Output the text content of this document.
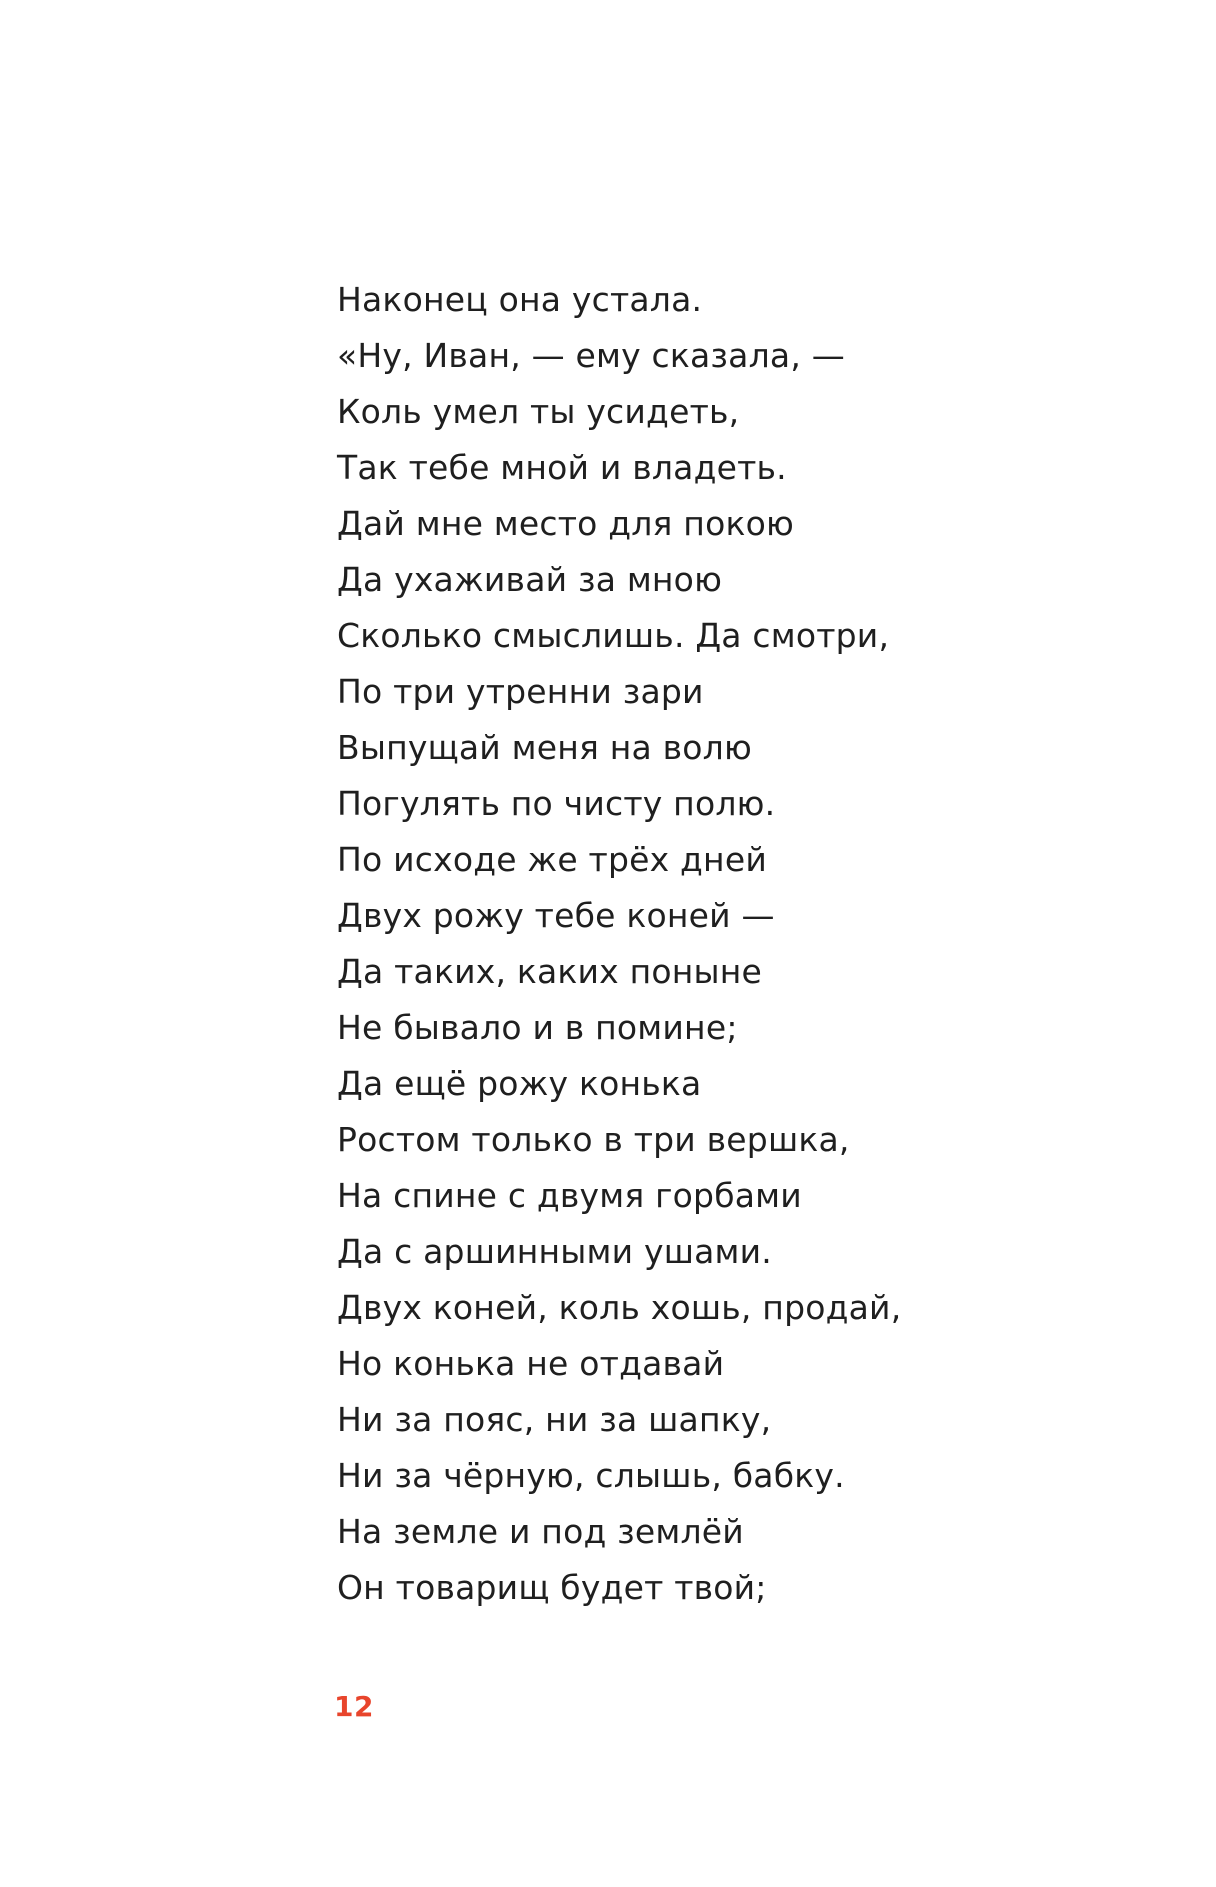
Наконец она устала.
«Ну, Иван, — ему сказала, —
Коль умел ты усидеть,
Так тебе мной и владеть.
Дай мне место для покою
Да ухаживай за мною
Сколько смыслишь. Да смотри,
По три утренни зари
Выпущай меня на волю
Погулять по чисту полю.
По исходе же трёх дней
Двух рожу тебе коней —
Да таких, каких поныне
Не бывало и в помине;
Да ещё рожу конька
Ростом только в три вершка,
На спине с двумя горбами
Да с аршинными ушами.
Двух коней, коль хошь, продай,
Но конька не отдавай
Ни за пояс, ни за шапку,
Ни за чёрную, слышь, бабку.
На земле и под землёй
Он товарищ будет твой;
12
